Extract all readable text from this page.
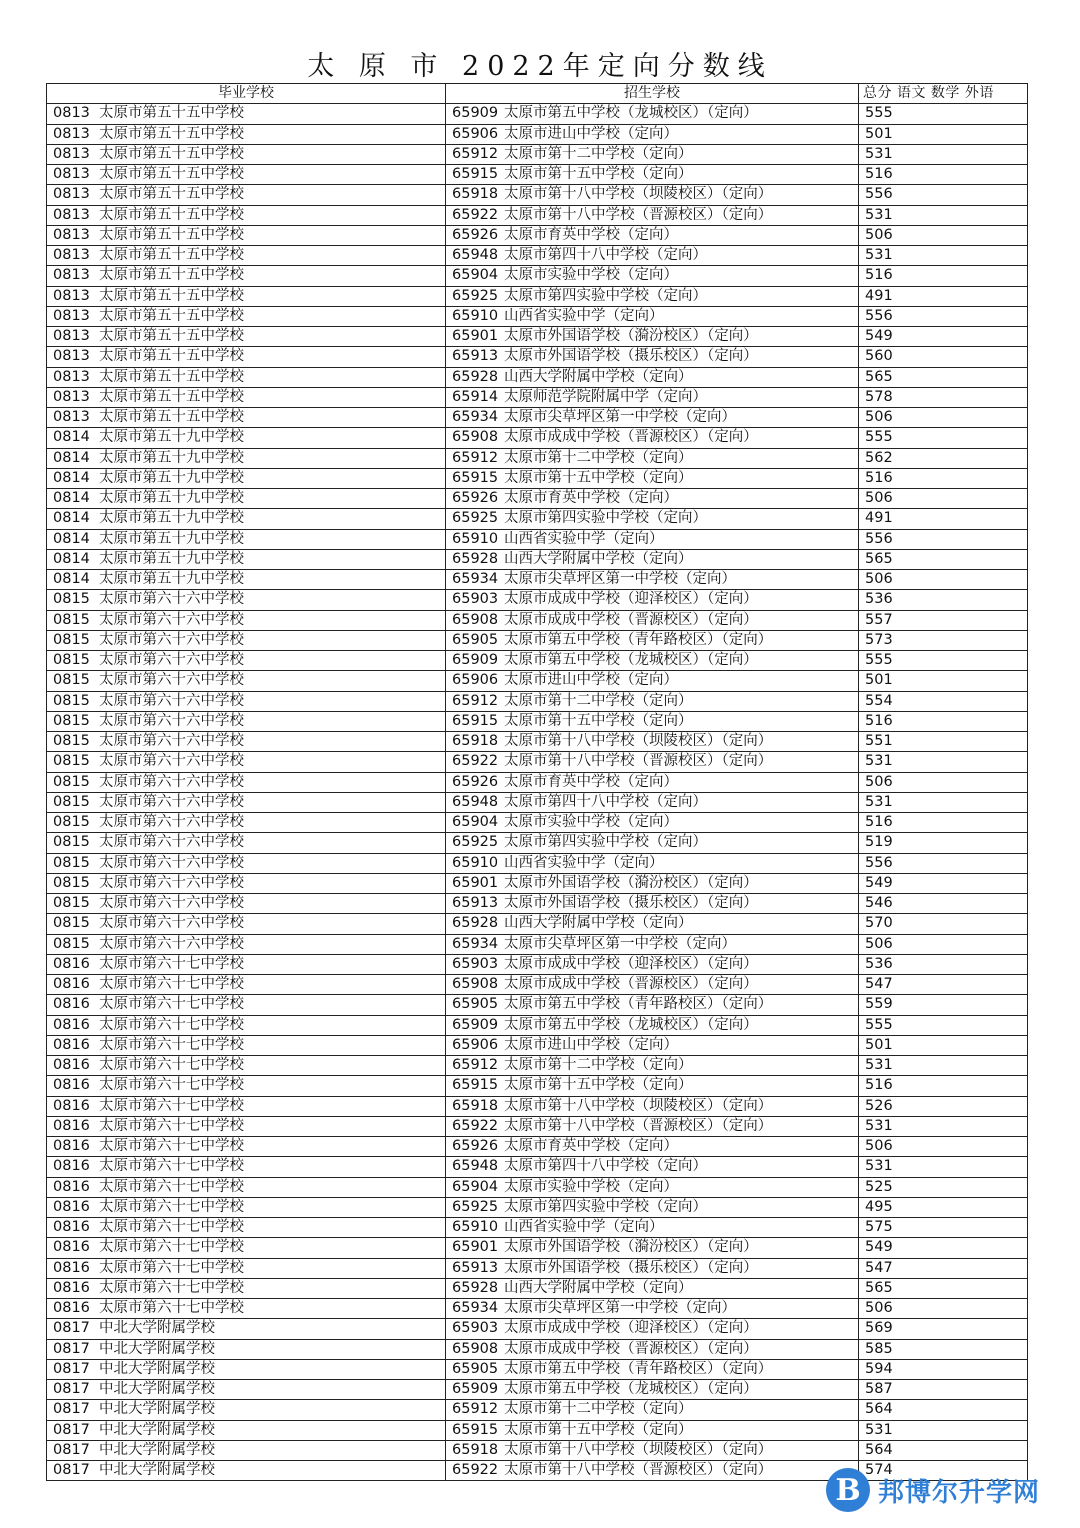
太 原 市 2022年定向分数线
毕业学校	招生学校	总分 语文 数学 外语
0813 太原市第五十五中学校	65909 太原市第五中学校（龙城校区）（定向）	555
0813 太原市第五十五中学校	65906 太原市进山中学校（定向）	501
0813 太原市第五十五中学校	65912 太原市第十二中学校（定向）	531
0813 太原市第五十五中学校	65915 太原市第十五中学校（定向）	516
0813 太原市第五十五中学校	65918 太原市第十八中学校（坝陵校区）（定向）	556
0813 太原市第五十五中学校	65922 太原市第十八中学校（晋源校区）（定向）	531
0813 太原市第五十五中学校	65926 太原市育英中学校（定向）	506
0813 太原市第五十五中学校	65948 太原市第四十八中学校（定向）	531
0813 太原市第五十五中学校	65904 太原市实验中学校（定向）	516
0813 太原市第五十五中学校	65925 太原市第四实验中学校（定向）	491
0813 太原市第五十五中学校	65910 山西省实验中学（定向）	556
0813 太原市第五十五中学校	65901 太原市外国语学校（漪汾校区）（定向）	549
0813 太原市第五十五中学校	65913 太原市外国语学校（摄乐校区）（定向）	560
0813 太原市第五十五中学校	65928 山西大学附属中学校（定向）	565
0813 太原市第五十五中学校	65914 太原师范学院附属中学（定向）	578
0813 太原市第五十五中学校	65934 太原市尖草坪区第一中学校（定向）	506
0814 太原市第五十九中学校	65908 太原市成成中学校（晋源校区）（定向）	555
0814 太原市第五十九中学校	65912 太原市第十二中学校（定向）	562
0814 太原市第五十九中学校	65915 太原市第十五中学校（定向）	516
0814 太原市第五十九中学校	65926 太原市育英中学校（定向）	506
0814 太原市第五十九中学校	65925 太原市第四实验中学校（定向）	491
0814 太原市第五十九中学校	65910 山西省实验中学（定向）	556
0814 太原市第五十九中学校	65928 山西大学附属中学校（定向）	565
0814 太原市第五十九中学校	65934 太原市尖草坪区第一中学校（定向）	506
0815 太原市第六十六中学校	65903 太原市成成中学校（迎泽校区）（定向）	536
0815 太原市第六十六中学校	65908 太原市成成中学校（晋源校区）（定向）	557
0815 太原市第六十六中学校	65905 太原市第五中学校（青年路校区）（定向）	573
0815 太原市第六十六中学校	65909 太原市第五中学校（龙城校区）（定向）	555
0815 太原市第六十六中学校	65906 太原市进山中学校（定向）	501
0815 太原市第六十六中学校	65912 太原市第十二中学校（定向）	554
0815 太原市第六十六中学校	65915 太原市第十五中学校（定向）	516
0815 太原市第六十六中学校	65918 太原市第十八中学校（坝陵校区）（定向）	551
0815 太原市第六十六中学校	65922 太原市第十八中学校（晋源校区）（定向）	531
0815 太原市第六十六中学校	65926 太原市育英中学校（定向）	506
0815 太原市第六十六中学校	65948 太原市第四十八中学校（定向）	531
0815 太原市第六十六中学校	65904 太原市实验中学校（定向）	516
0815 太原市第六十六中学校	65925 太原市第四实验中学校（定向）	519
0815 太原市第六十六中学校	65910 山西省实验中学（定向）	556
0815 太原市第六十六中学校	65901 太原市外国语学校（漪汾校区）（定向）	549
0815 太原市第六十六中学校	65913 太原市外国语学校（摄乐校区）（定向）	546
0815 太原市第六十六中学校	65928 山西大学附属中学校（定向）	570
0815 太原市第六十六中学校	65934 太原市尖草坪区第一中学校（定向）	506
0816 太原市第六十七中学校	65903 太原市成成中学校（迎泽校区）（定向）	536
0816 太原市第六十七中学校	65908 太原市成成中学校（晋源校区）（定向）	547
0816 太原市第六十七中学校	65905 太原市第五中学校（青年路校区）（定向）	559
0816 太原市第六十七中学校	65909 太原市第五中学校（龙城校区）（定向）	555
0816 太原市第六十七中学校	65906 太原市进山中学校（定向）	501
0816 太原市第六十七中学校	65912 太原市第十二中学校（定向）	531
0816 太原市第六十七中学校	65915 太原市第十五中学校（定向）	516
0816 太原市第六十七中学校	65918 太原市第十八中学校（坝陵校区）（定向）	526
0816 太原市第六十七中学校	65922 太原市第十八中学校（晋源校区）（定向）	531
0816 太原市第六十七中学校	65926 太原市育英中学校（定向）	506
0816 太原市第六十七中学校	65948 太原市第四十八中学校（定向）	531
0816 太原市第六十七中学校	65904 太原市实验中学校（定向）	525
0816 太原市第六十七中学校	65925 太原市第四实验中学校（定向）	495
0816 太原市第六十七中学校	65910 山西省实验中学（定向）	575
0816 太原市第六十七中学校	65901 太原市外国语学校（漪汾校区）（定向）	549
0816 太原市第六十七中学校	65913 太原市外国语学校（摄乐校区）（定向）	547
0816 太原市第六十七中学校	65928 山西大学附属中学校（定向）	565
0816 太原市第六十七中学校	65934 太原市尖草坪区第一中学校（定向）	506
0817 中北大学附属学校	65903 太原市成成中学校（迎泽校区）（定向）	569
0817 中北大学附属学校	65908 太原市成成中学校（晋源校区）（定向）	585
0817 中北大学附属学校	65905 太原市第五中学校（青年路校区）（定向）	594
0817 中北大学附属学校	65909 太原市第五中学校（龙城校区）（定向）	587
0817 中北大学附属学校	65912 太原市第十二中学校（定向）	564
0817 中北大学附属学校	65915 太原市第十五中学校（定向）	531
0817 中北大学附属学校	65918 太原市第十八中学校（坝陵校区）（定向）	564
0817 中北大学附属学校	65922 太原市第十八中学校（晋源校区）（定向）	574
B 邦博尔升学网
